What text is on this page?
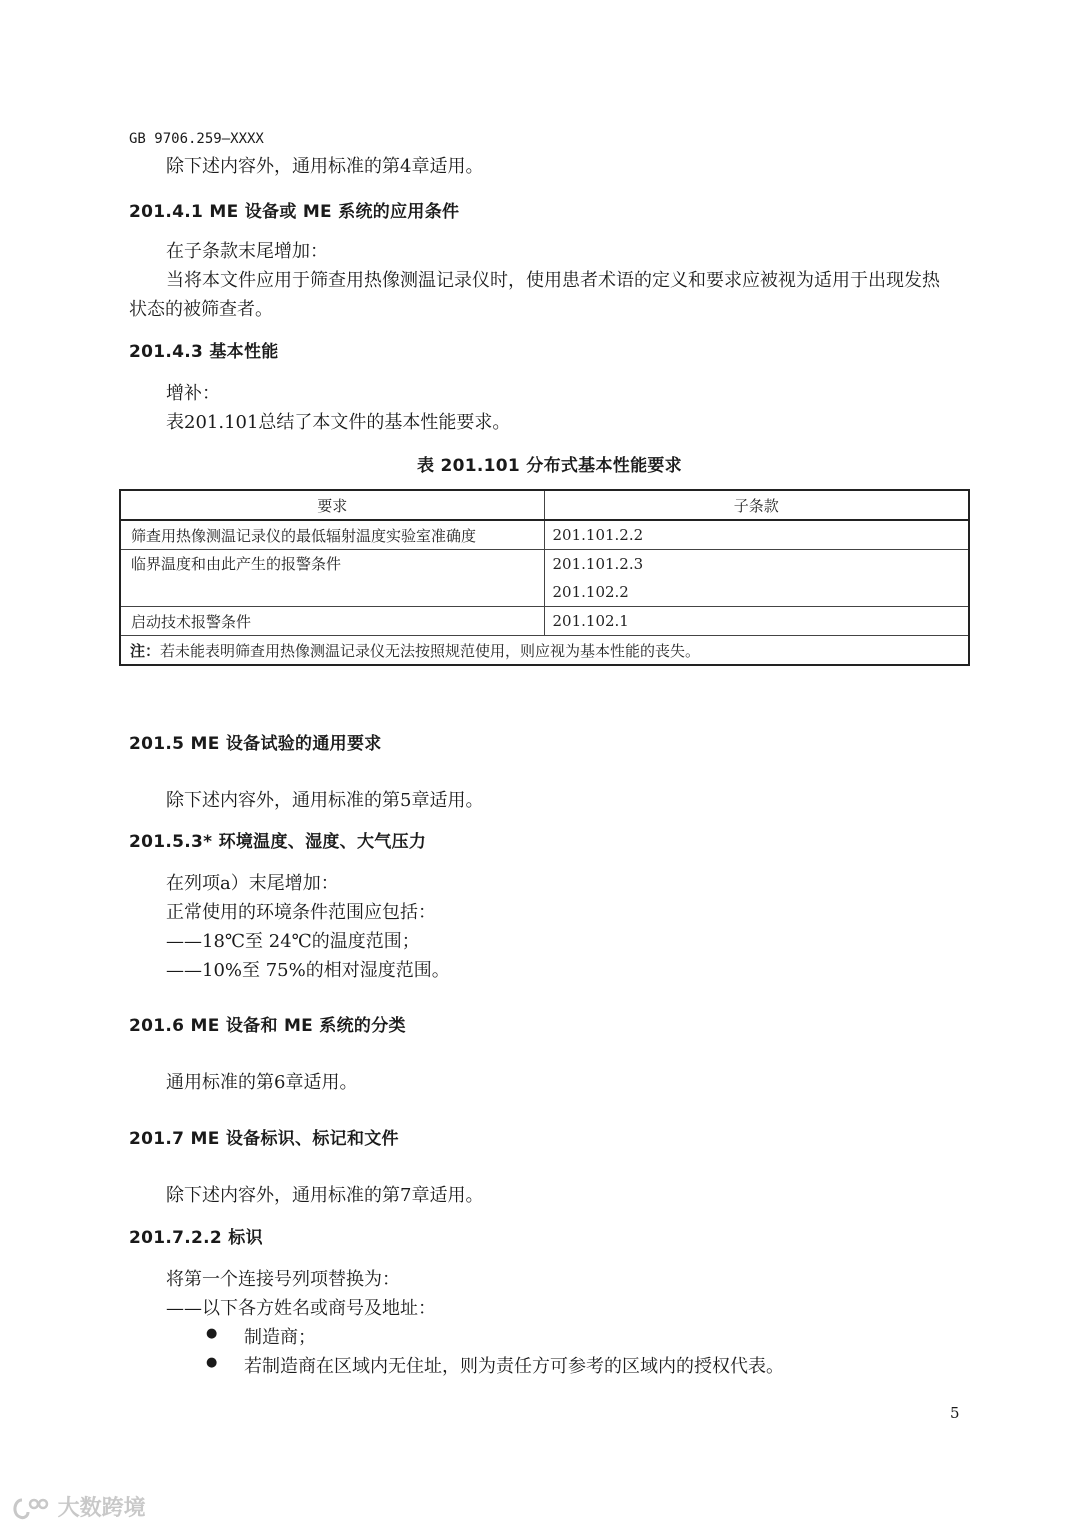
GB 9706.259—XXXX
除下述内容外，通用标准的第4章适用。
201.4.1 ME 设备或 ME 系统的应用条件
在子条款末尾增加：
当将本文件应用于筛查用热像测温记录仪时，使用患者术语的定义和要求应被视为适用于出现发热
状态的被筛查者。
201.4.3 基本性能
增补：
表201.101总结了本文件的基本性能要求。
表 201.101 分布式基本性能要求
要求	子条款
筛查用热像测温记录仪的最低辐射温度实验室准确度	201.101.2.2

临界温度和由此产生的报警条件	201.101.2.3
201.102.2

启动技术报警条件	201.102.1
注：若未能表明筛查用热像测温记录仪无法按照规范使用，则应视为基本性能的丧失。	
201.5 ME 设备试验的通用要求
除下述内容外，通用标准的第5章适用。
201.5.3* 环境温度、湿度、大气压力
在列项a）末尾增加：
正常使用的环境条件范围应包括：
——18℃至 24℃的温度范围；
——10%至 75%的相对湿度范围。
201.6 ME 设备和 ME 系统的分类
通用标准的第6章适用。
201.7 ME 设备标识、标记和文件
除下述内容外，通用标准的第7章适用。
201.7.2.2 标识
将第一个连接号列项替换为：
——以下各方姓名或商号及地址：
● 制造商；
● 若制造商在区域内无住址，则为责任方可参考的区域内的授权代表。
5
大数跨境
